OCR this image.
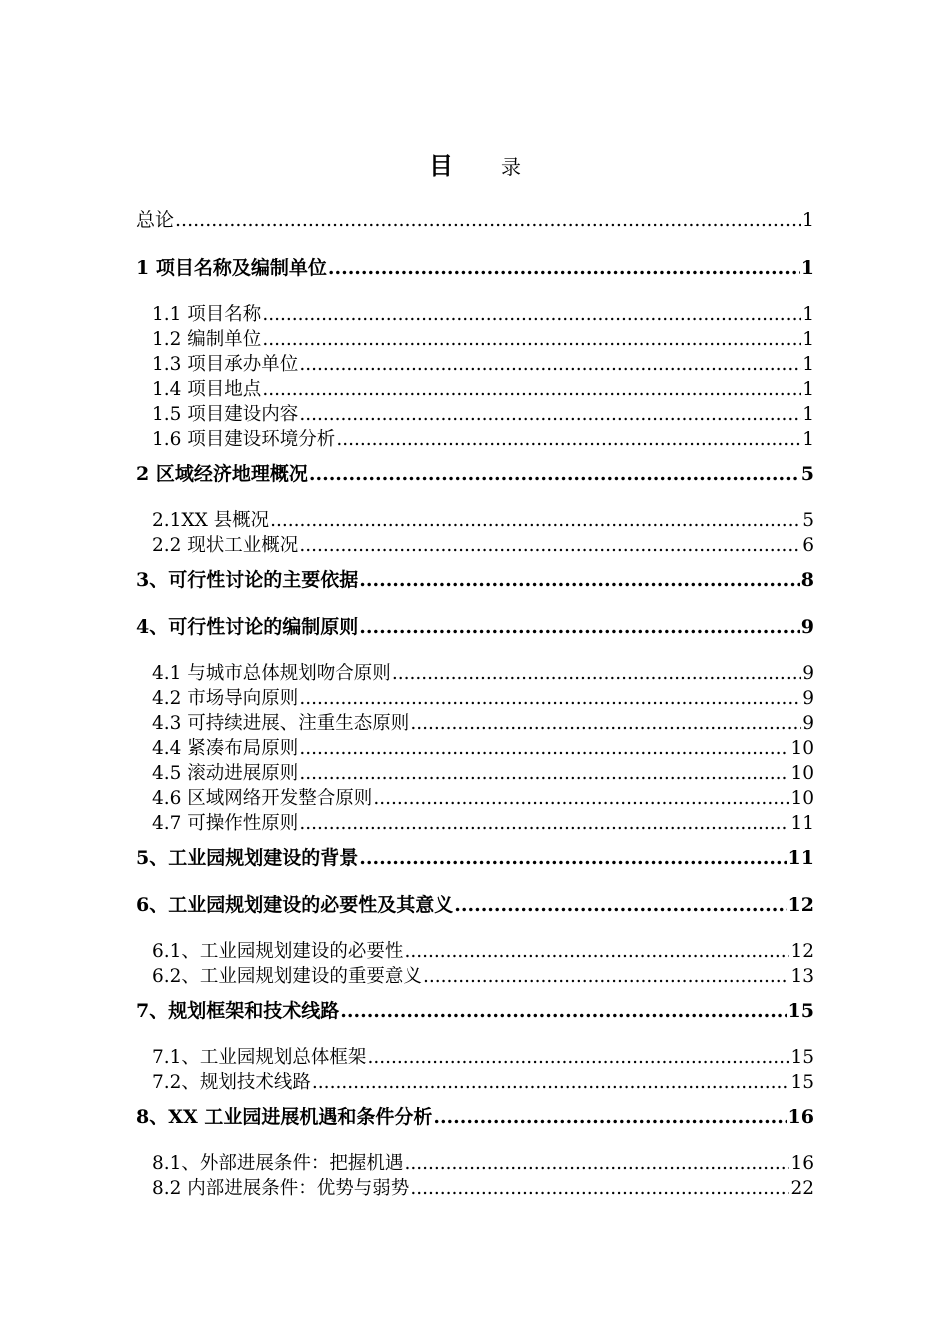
目 录
总论 .....	1
1 项目名称及编制单位 .....	1
1.1 项目名称 .....	1
1.2 编制单位 .....	1
1.3 项目承办单位 .....	1
1.4 项目地点 .....	1
1.5 项目建设内容 .....	1
1.6 项目建设环境分析 .....	1
2 区域经济地理概况 .....	5
2.1XX 县概况 .....	5
2.2 现状工业概况 .....	6
3、可行性讨论的主要依据 .....	8
4、可行性讨论的编制原则 .....	9
4.1 与城市总体规划吻合原则 .....	9
4.2 市场导向原则 .....	9
4.3 可持续进展、注重生态原则 .....	9
4.4 紧凑布局原则 .....	10
4.5 滚动进展原则 .....	10
4.6 区域网络开发整合原则 .....	10
4.7 可操作性原则 .....	11
5、工业园规划建设的背景 .....	11
6、工业园规划建设的必要性及其意义 .....	12
6.1、工业园规划建设的必要性 .....	12
6.2、工业园规划建设的重要意义 .....	13
7、规划框架和技术线路 .....	15
7.1、工业园规划总体框架 .....	15
7.2、规划技术线路 .....	15
8、XX 工业园进展机遇和条件分析 .....	16
8.1、外部进展条件：把握机遇 .....	16
8.2 内部进展条件：优势与弱势 .....	22
